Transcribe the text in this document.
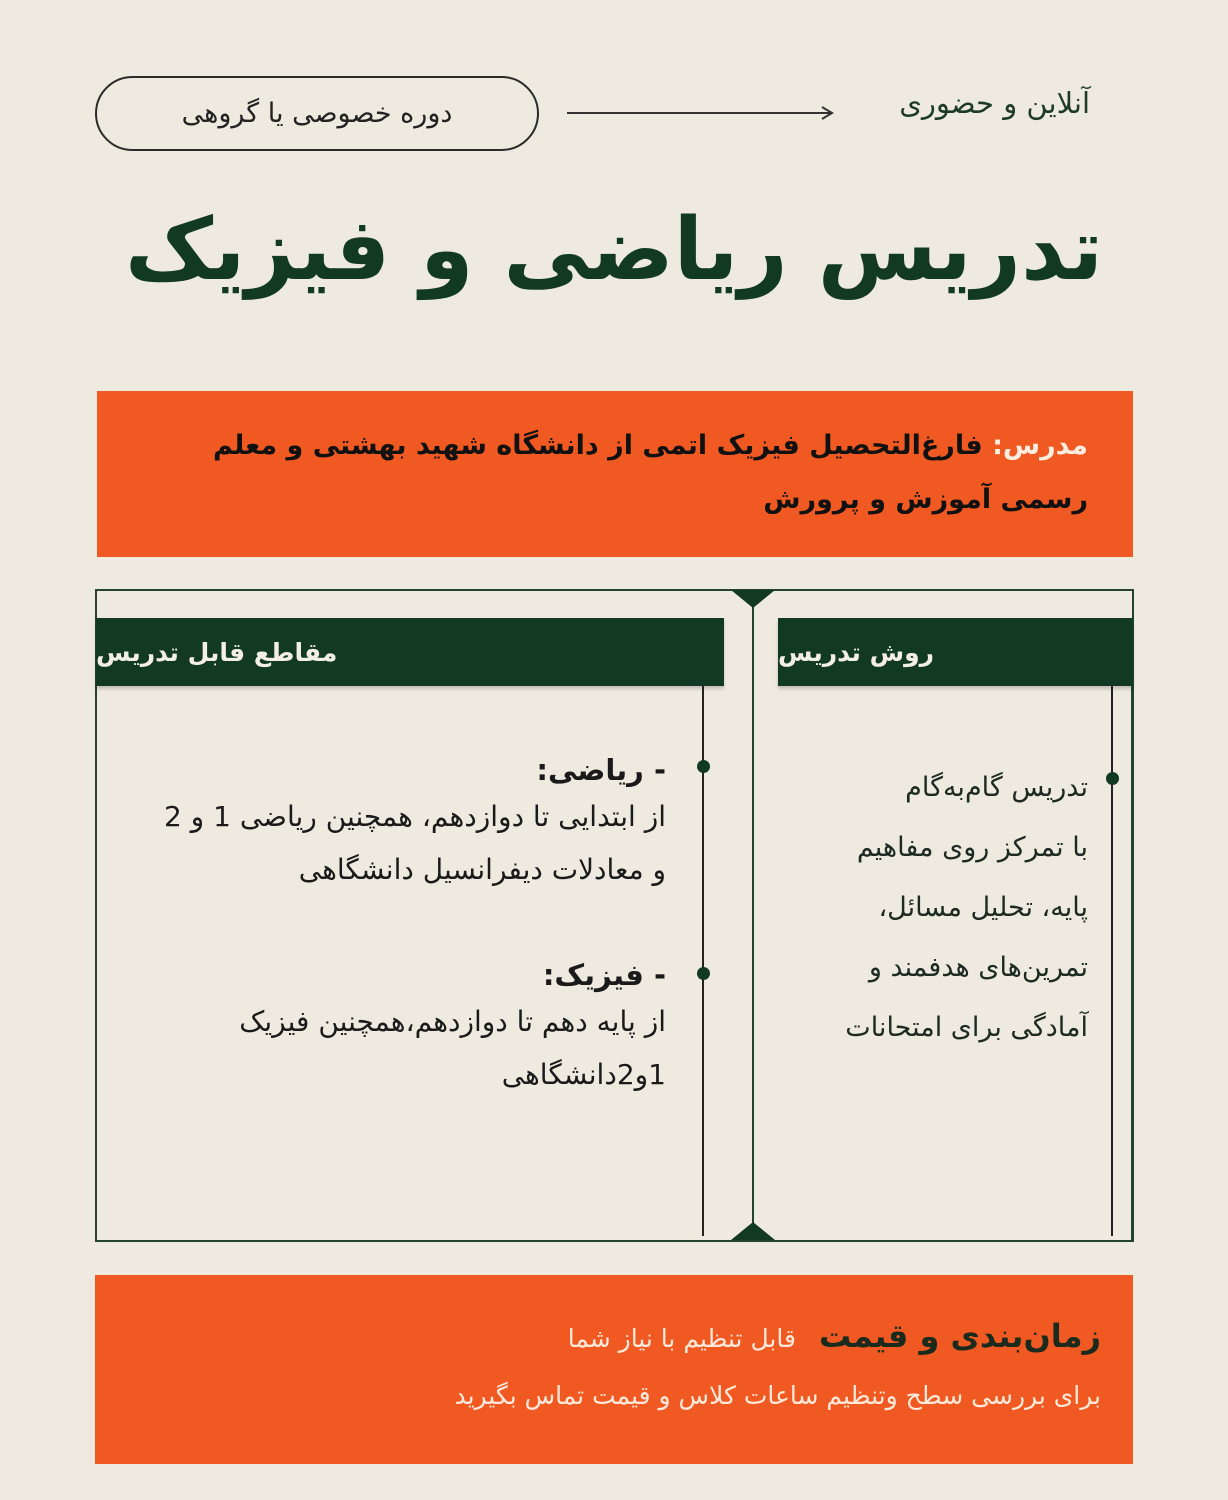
دوره خصوصی یا گروهی	آنلاین و حضوری
تدریس ریاضی و فیزیک
مدرس: فارغ‌التحصیل فیزیک اتمی از دانشگاه شهید بهشتی و معلم رسمی آموزش و پرورش
مقاطع قابل تدریس	روش تدریس
- ریاضی:
از ابتدایی تا دوازدهم، همچنین ریاضی 1 و 2 و معادلات دیفرانسیل دانشگاهی
- فیزیک:
از پایه دهم تا دوازدهم،همچنین فیزیک 1و2دانشگاهی
تدریس گام‌به‌گام
با تمرکز روی مفاهیم
پایه، تحلیل مسائل،
تمرین‌های هدفمند و
آمادگی برای امتحانات
زمان‌بندی و قیمت قابل تنظیم با نیاز شما
برای بررسی سطح وتنظیم ساعات کلاس و قیمت تماس بگیرید
